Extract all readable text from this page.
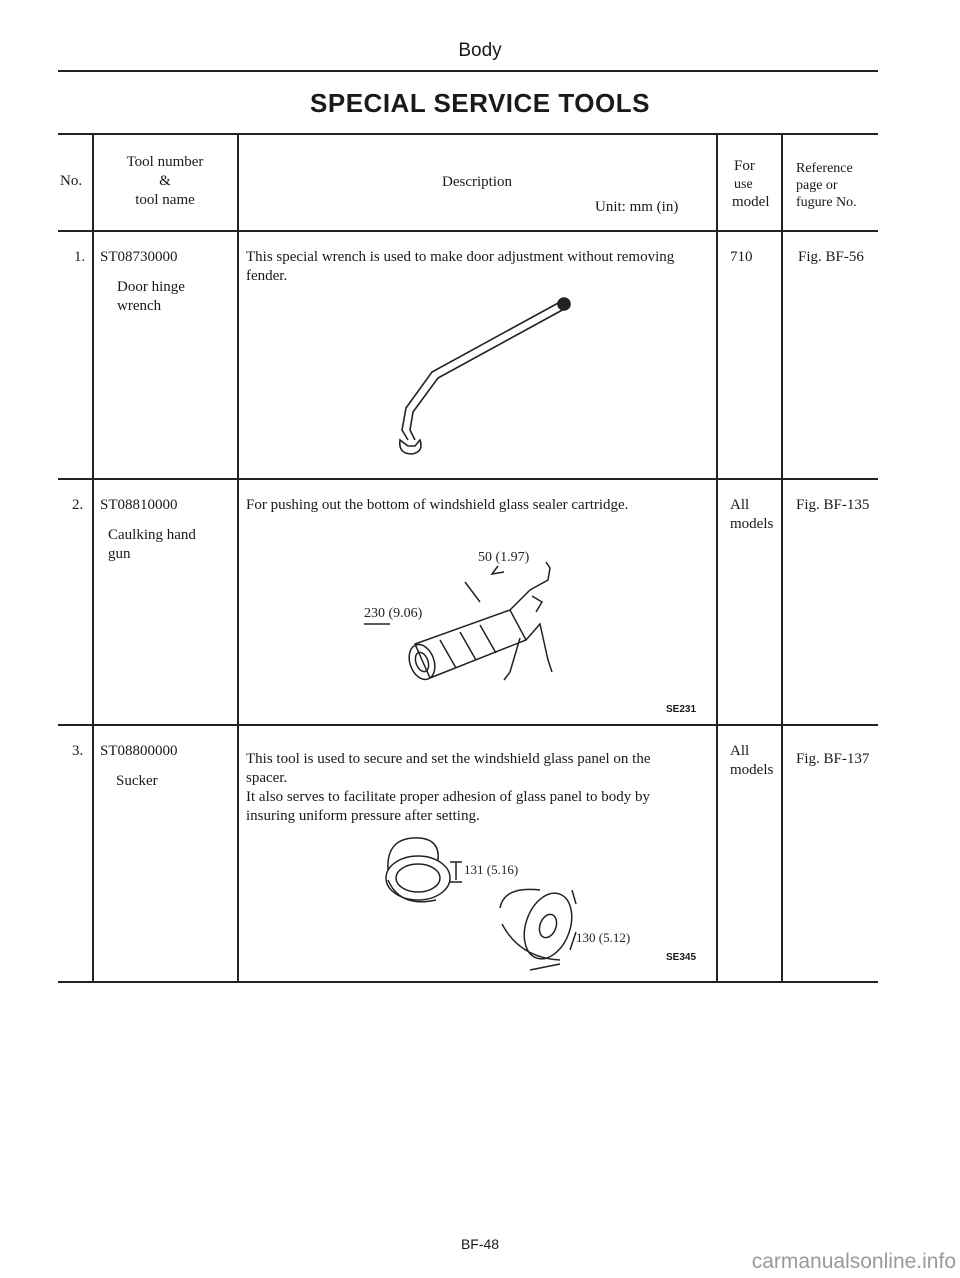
Body
SPECIAL SERVICE TOOLS
No.
Tool number
&
tool name
Description
Unit: mm (in)
For
use
model
Reference
page or
fugure No.
1. ST08730000
Door hinge
wrench
This special wrench is used to make door adjustment without removing
fender.
710	Fig. BF-56
2. ST08810000
Caulking hand
gun
For pushing out the bottom of windshield glass sealer cartridge.	All
models
Fig. BF-135
50 (1.97)
230 (9.06)
SE231
3. ST08800000
Sucker
This tool is used to secure and set the windshield glass panel on the
spacer.
It also serves to facilitate proper adhesion of glass panel to body by
insuring uniform pressure after setting.
All
models
Fig. BF-137
131 (5.16)
130 (5.12)
SE345
BF-48
carmanualsonline.info
